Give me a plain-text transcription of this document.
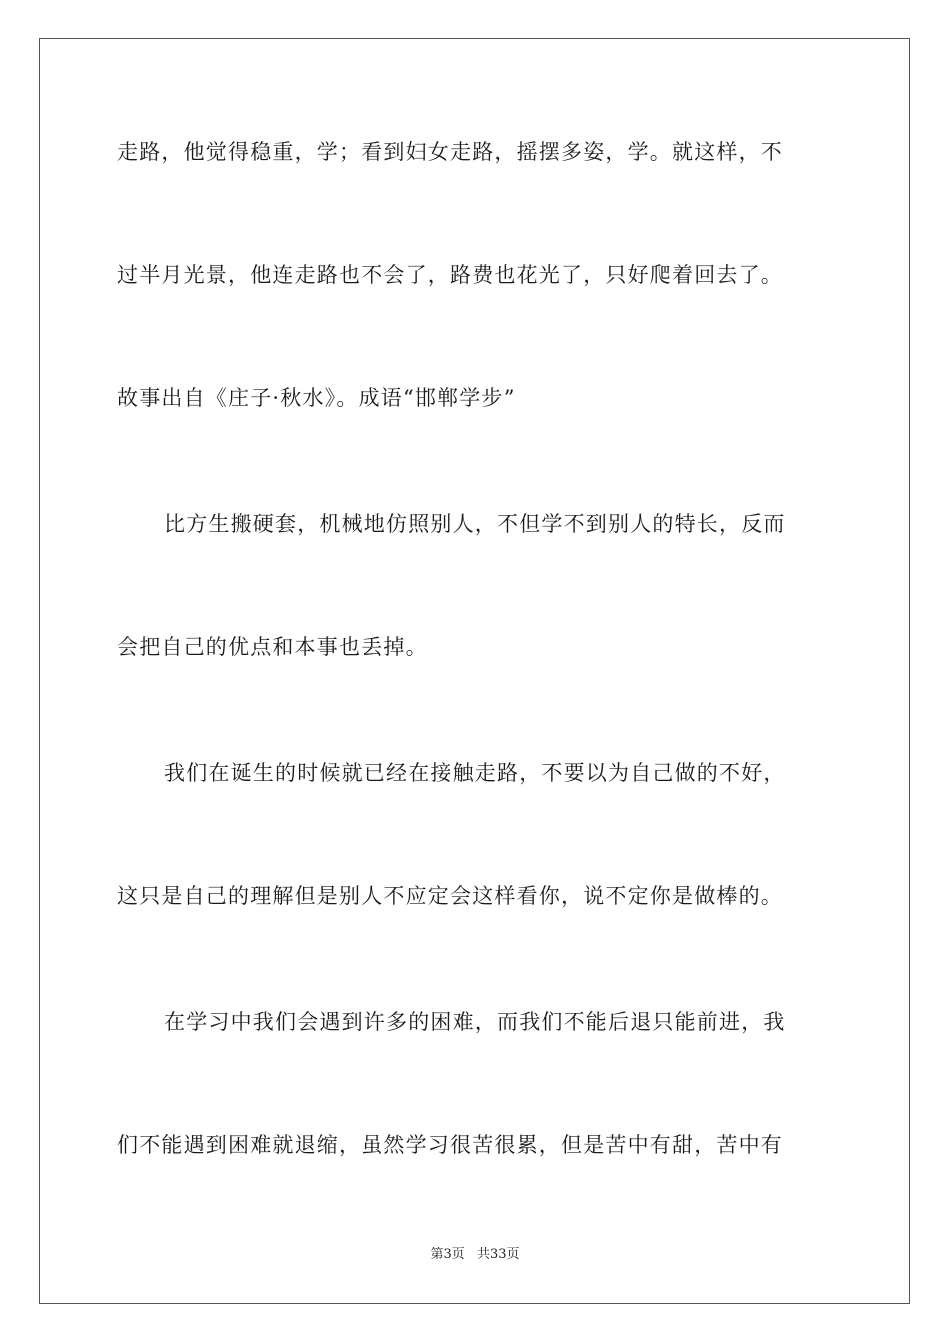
走路，他觉得稳重，学；看到妇女走路，摇摆多姿，学。就这样，不
过半月光景，他连走路也不会了，路费也花光了，只好爬着回去了。
故事出自《庄子·秋水》。成语“邯郸学步”
比方生搬硬套，机械地仿照别人，不但学不到别人的特长，反而
会把自己的优点和本事也丢掉。
我们在诞生的时候就已经在接触走路，不要以为自己做的不好，
这只是自己的理解但是别人不应定会这样看你，说不定你是做棒的。
在学习中我们会遇到许多的困难，而我们不能后退只能前进，我
们不能遇到困难就退缩，虽然学习很苦很累，但是苦中有甜，苦中有
第3页 共33页
